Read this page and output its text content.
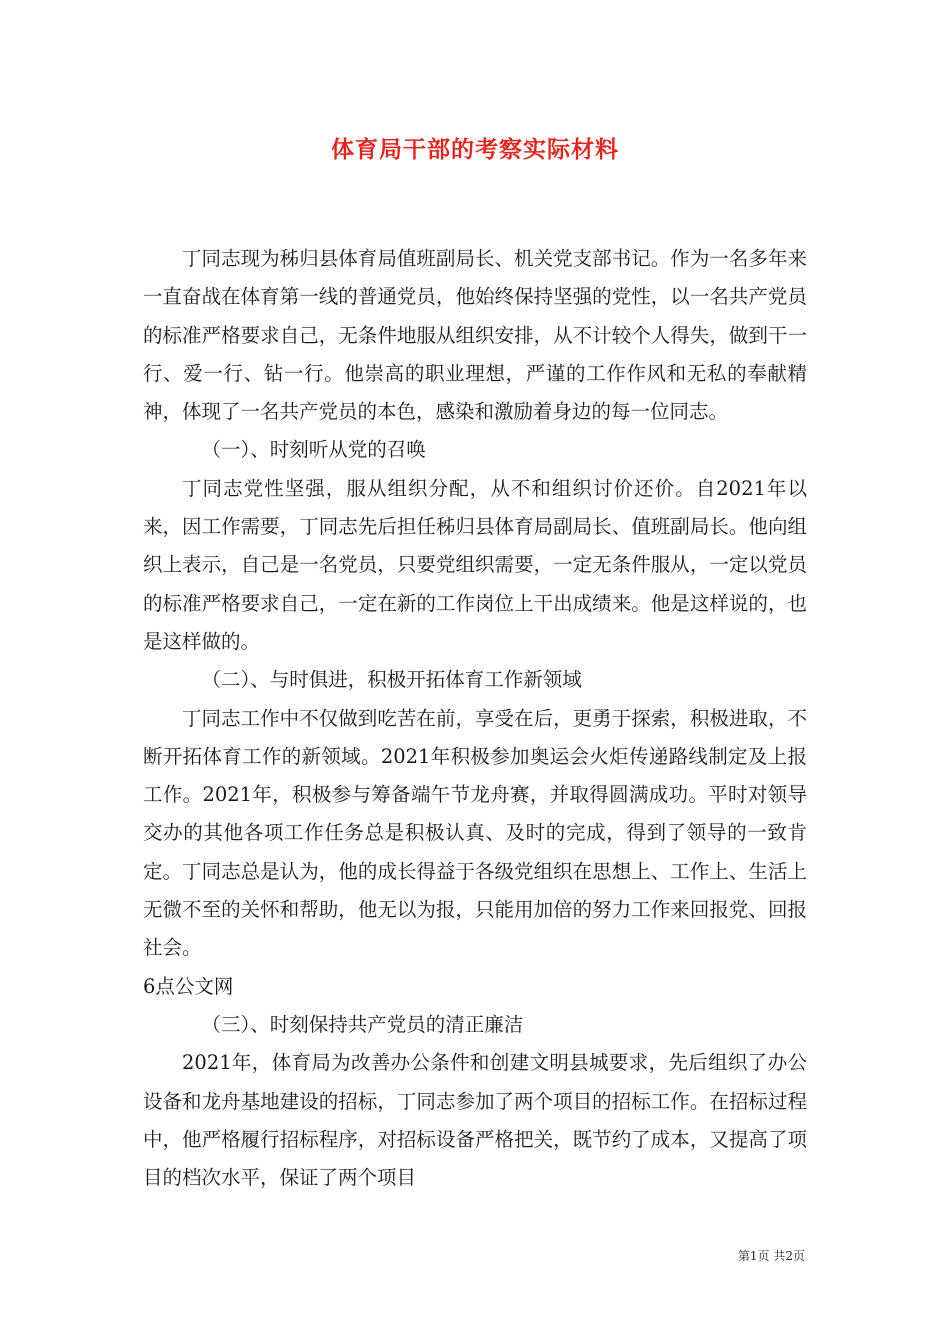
体育局干部的考察实际材料

丁同志现为秭归县体育局值班副局长、机关党支部书记。作为一名多年来一直奋战在体育第一线的普通党员，他始终保持坚强的党性，以一名共产党员的标准严格要求自己，无条件地服从组织安排，从不计较个人得失，做到干一行、爱一行、钻一行。他崇高的职业理想，严谨的工作作风和无私的奉献精神，体现了一名共产党员的本色，感染和激励着身边的每一位同志。

（一）、时刻听从党的召唤

丁同志党性坚强，服从组织分配，从不和组织讨价还价。自2021年以来，因工作需要，丁同志先后担任秭归县体育局副局长、值班副局长。他向组织上表示，自己是一名党员，只要党组织需要，一定无条件服从，一定以党员的标准严格要求自己，一定在新的工作岗位上干出成绩来。他是这样说的，也是这样做的。

（二）、与时俱进，积极开拓体育工作新领域

丁同志工作中不仅做到吃苦在前，享受在后，更勇于探索，积极进取，不断开拓体育工作的新领域。2021年积极参加奥运会火炬传递路线制定及上报工作。2021年，积极参与筹备端午节龙舟赛，并取得圆满成功。平时对领导交办的其他各项工作任务总是积极认真、及时的完成，得到了领导的一致肯定。丁同志总是认为，他的成长得益于各级党组织在思想上、工作上、生活上无微不至的关怀和帮助，他无以为报，只能用加倍的努力工作来回报党、回报社会。

6点公文网

（三）、时刻保持共产党员的清正廉洁

2021年，体育局为改善办公条件和创建文明县城要求，先后组织了办公设备和龙舟基地建设的招标，丁同志参加了两个项目的招标工作。在招标过程中，他严格履行招标程序，对招标设备严格把关，既节约了成本，又提高了项目的档次水平，保证了两个项目

第1页 共2页
